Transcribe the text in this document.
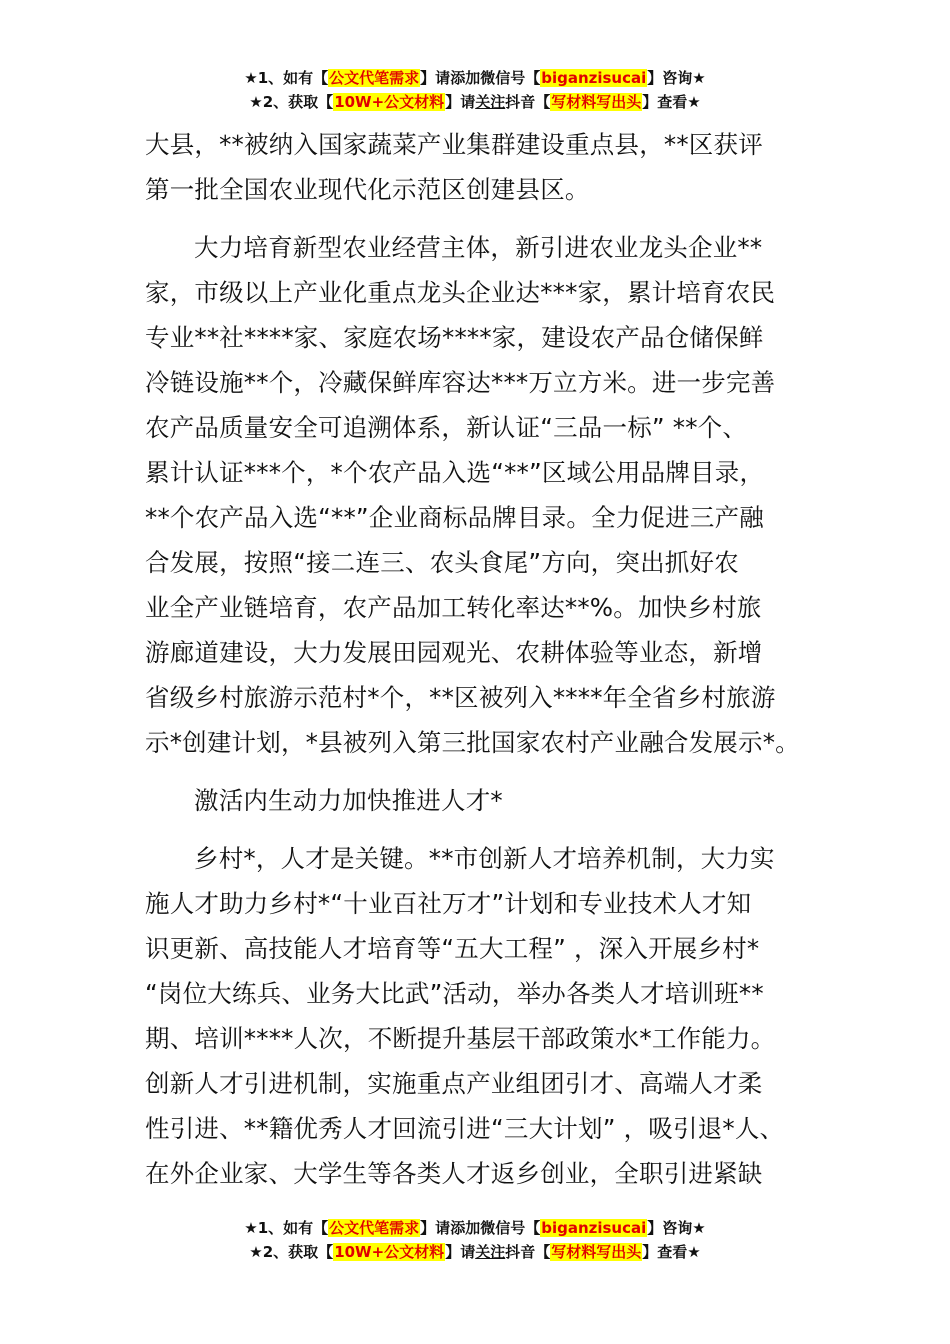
★1、如有【公文代笔需求】请添加微信号【biganzisucai】咨询★
★2、获取【10W+公文材料】请关注抖音【写材料写出头】查看★

大县，**被纳入国家蔬菜产业集群建设重点县，**区获评
第一批全国农业现代化示范区创建县区。

大力培育新型农业经营主体，新引进农业龙头企业**
家，市级以上产业化重点龙头企业达***家，累计培育农民
专业**社****家、家庭农场****家，建设农产品仓储保鲜
冷链设施**个，冷藏保鲜库容达***万立方米。进一步完善
农产品质量安全可追溯体系，新认证“三品一标” **个、
累计认证***个，*个农产品入选“**”区域公用品牌目录，
**个农产品入选“**”企业商标品牌目录。全力促进三产融
合发展，按照“接二连三、农头食尾”方向，突出抓好农
业全产业链培育，农产品加工转化率达**%。加快乡村旅
游廊道建设，大力发展田园观光、农耕体验等业态，新增
省级乡村旅游示范村*个，**区被列入****年全省乡村旅游
示*创建计划，*县被列入第三批国家农村产业融合发展示*。

激活内生动力加快推进人才*

乡村*，人才是关键。**市创新人才培养机制，大力实
施人才助力乡村*“十业百社万才”计划和专业技术人才知
识更新、高技能人才培育等“五大工程” ，深入开展乡村*
“岗位大练兵、业务大比武”活动，举办各类人才培训班**
期、培训****人次，不断提升基层干部政策水*工作能力。
创新人才引进机制，实施重点产业组团引才、高端人才柔
性引进、**籍优秀人才回流引进“三大计划” ，吸引退*人、
在外企业家、大学生等各类人才返乡创业，全职引进紧缺

★1、如有【公文代笔需求】请添加微信号【biganzisucai】咨询★
★2、获取【10W+公文材料】请关注抖音【写材料写出头】查看★
